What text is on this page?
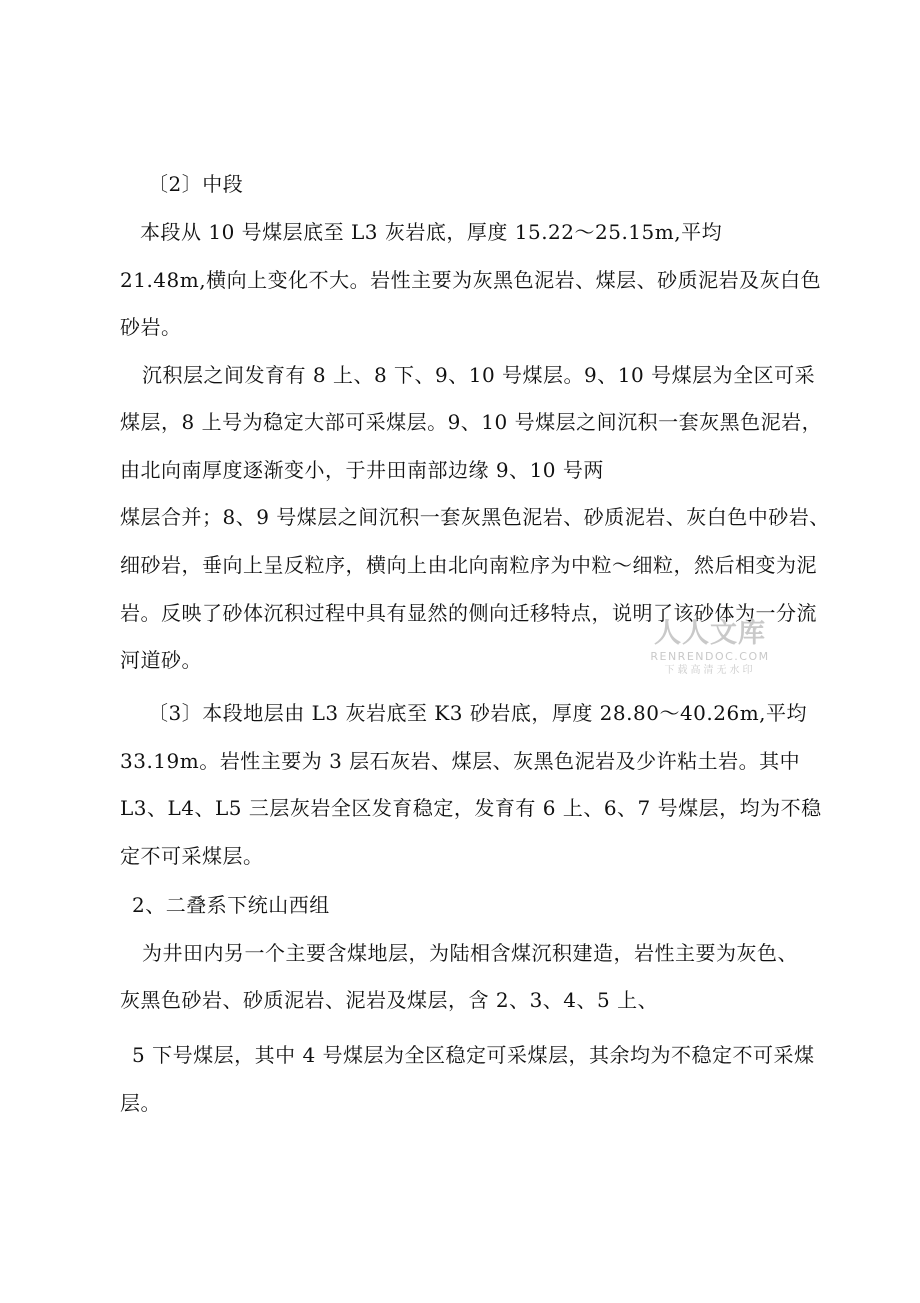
〔2〕中段
本段从 10 号煤层底至 L3 灰岩底，厚度 15.22～25.15m,平均
21.48m,横向上变化不大。岩性主要为灰黑色泥岩、煤层、砂质泥岩及灰白色
砂岩。
沉积层之间发育有 8 上、8 下、9、10 号煤层。9、10 号煤层为全区可采
煤层，8 上号为稳定大部可采煤层。9、10 号煤层之间沉积一套灰黑色泥岩，
由北向南厚度逐渐变小，于井田南部边缘 9、10 号两
煤层合并；8、9 号煤层之间沉积一套灰黑色泥岩、砂质泥岩、灰白色中砂岩、
细砂岩，垂向上呈反粒序，横向上由北向南粒序为中粒～细粒，然后相变为泥
岩。反映了砂体沉积过程中具有显然的侧向迁移特点，说明了该砂体为一分流
河道砂。
〔3〕本段地层由 L3 灰岩底至 K3 砂岩底，厚度 28.80～40.26m,平均
33.19m。岩性主要为 3 层石灰岩、煤层、灰黑色泥岩及少许粘土岩。其中
L3、L4、L5 三层灰岩全区发育稳定，发育有 6 上、6、7 号煤层，均为不稳
定不可采煤层。
2、二叠系下统山西组
为井田内另一个主要含煤地层，为陆相含煤沉积建造，岩性主要为灰色、
灰黑色砂岩、砂质泥岩、泥岩及煤层，含 2、3、4、5 上、
5 下号煤层，其中 4 号煤层为全区稳定可采煤层，其余均为不稳定不可采煤
层。
人人文库
RENRENDOC.COM
下载高清无水印
